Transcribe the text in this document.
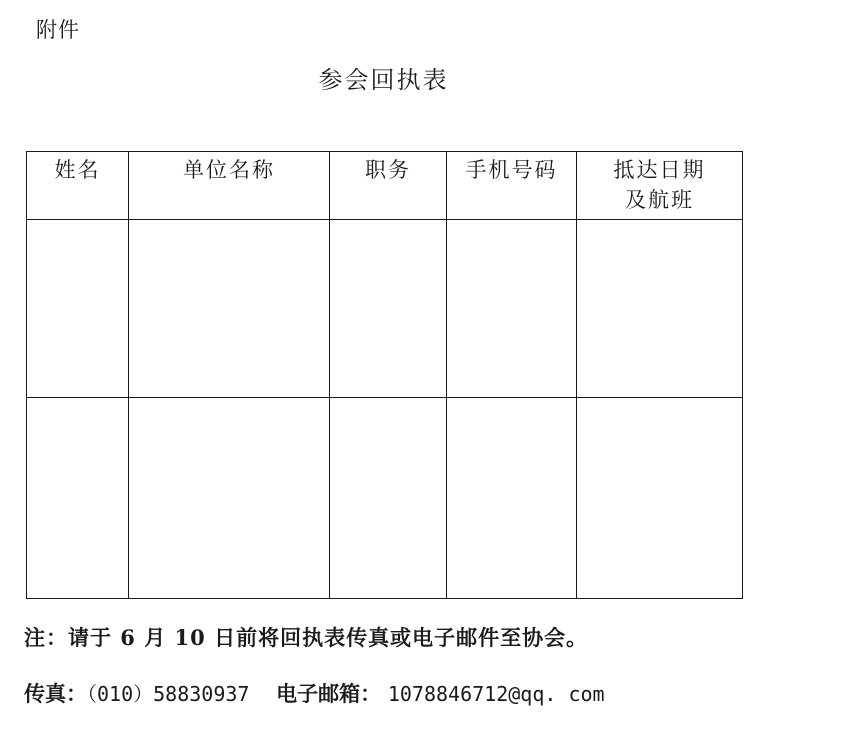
附件
参会回执表
姓名	单位名称	职务	手机号码	抵达日期
及航班

注：请于 6 月 10 日前将回执表传真或电子邮件至协会。
传真：（010）58830937 电子邮箱： 1078846712@qq. com
